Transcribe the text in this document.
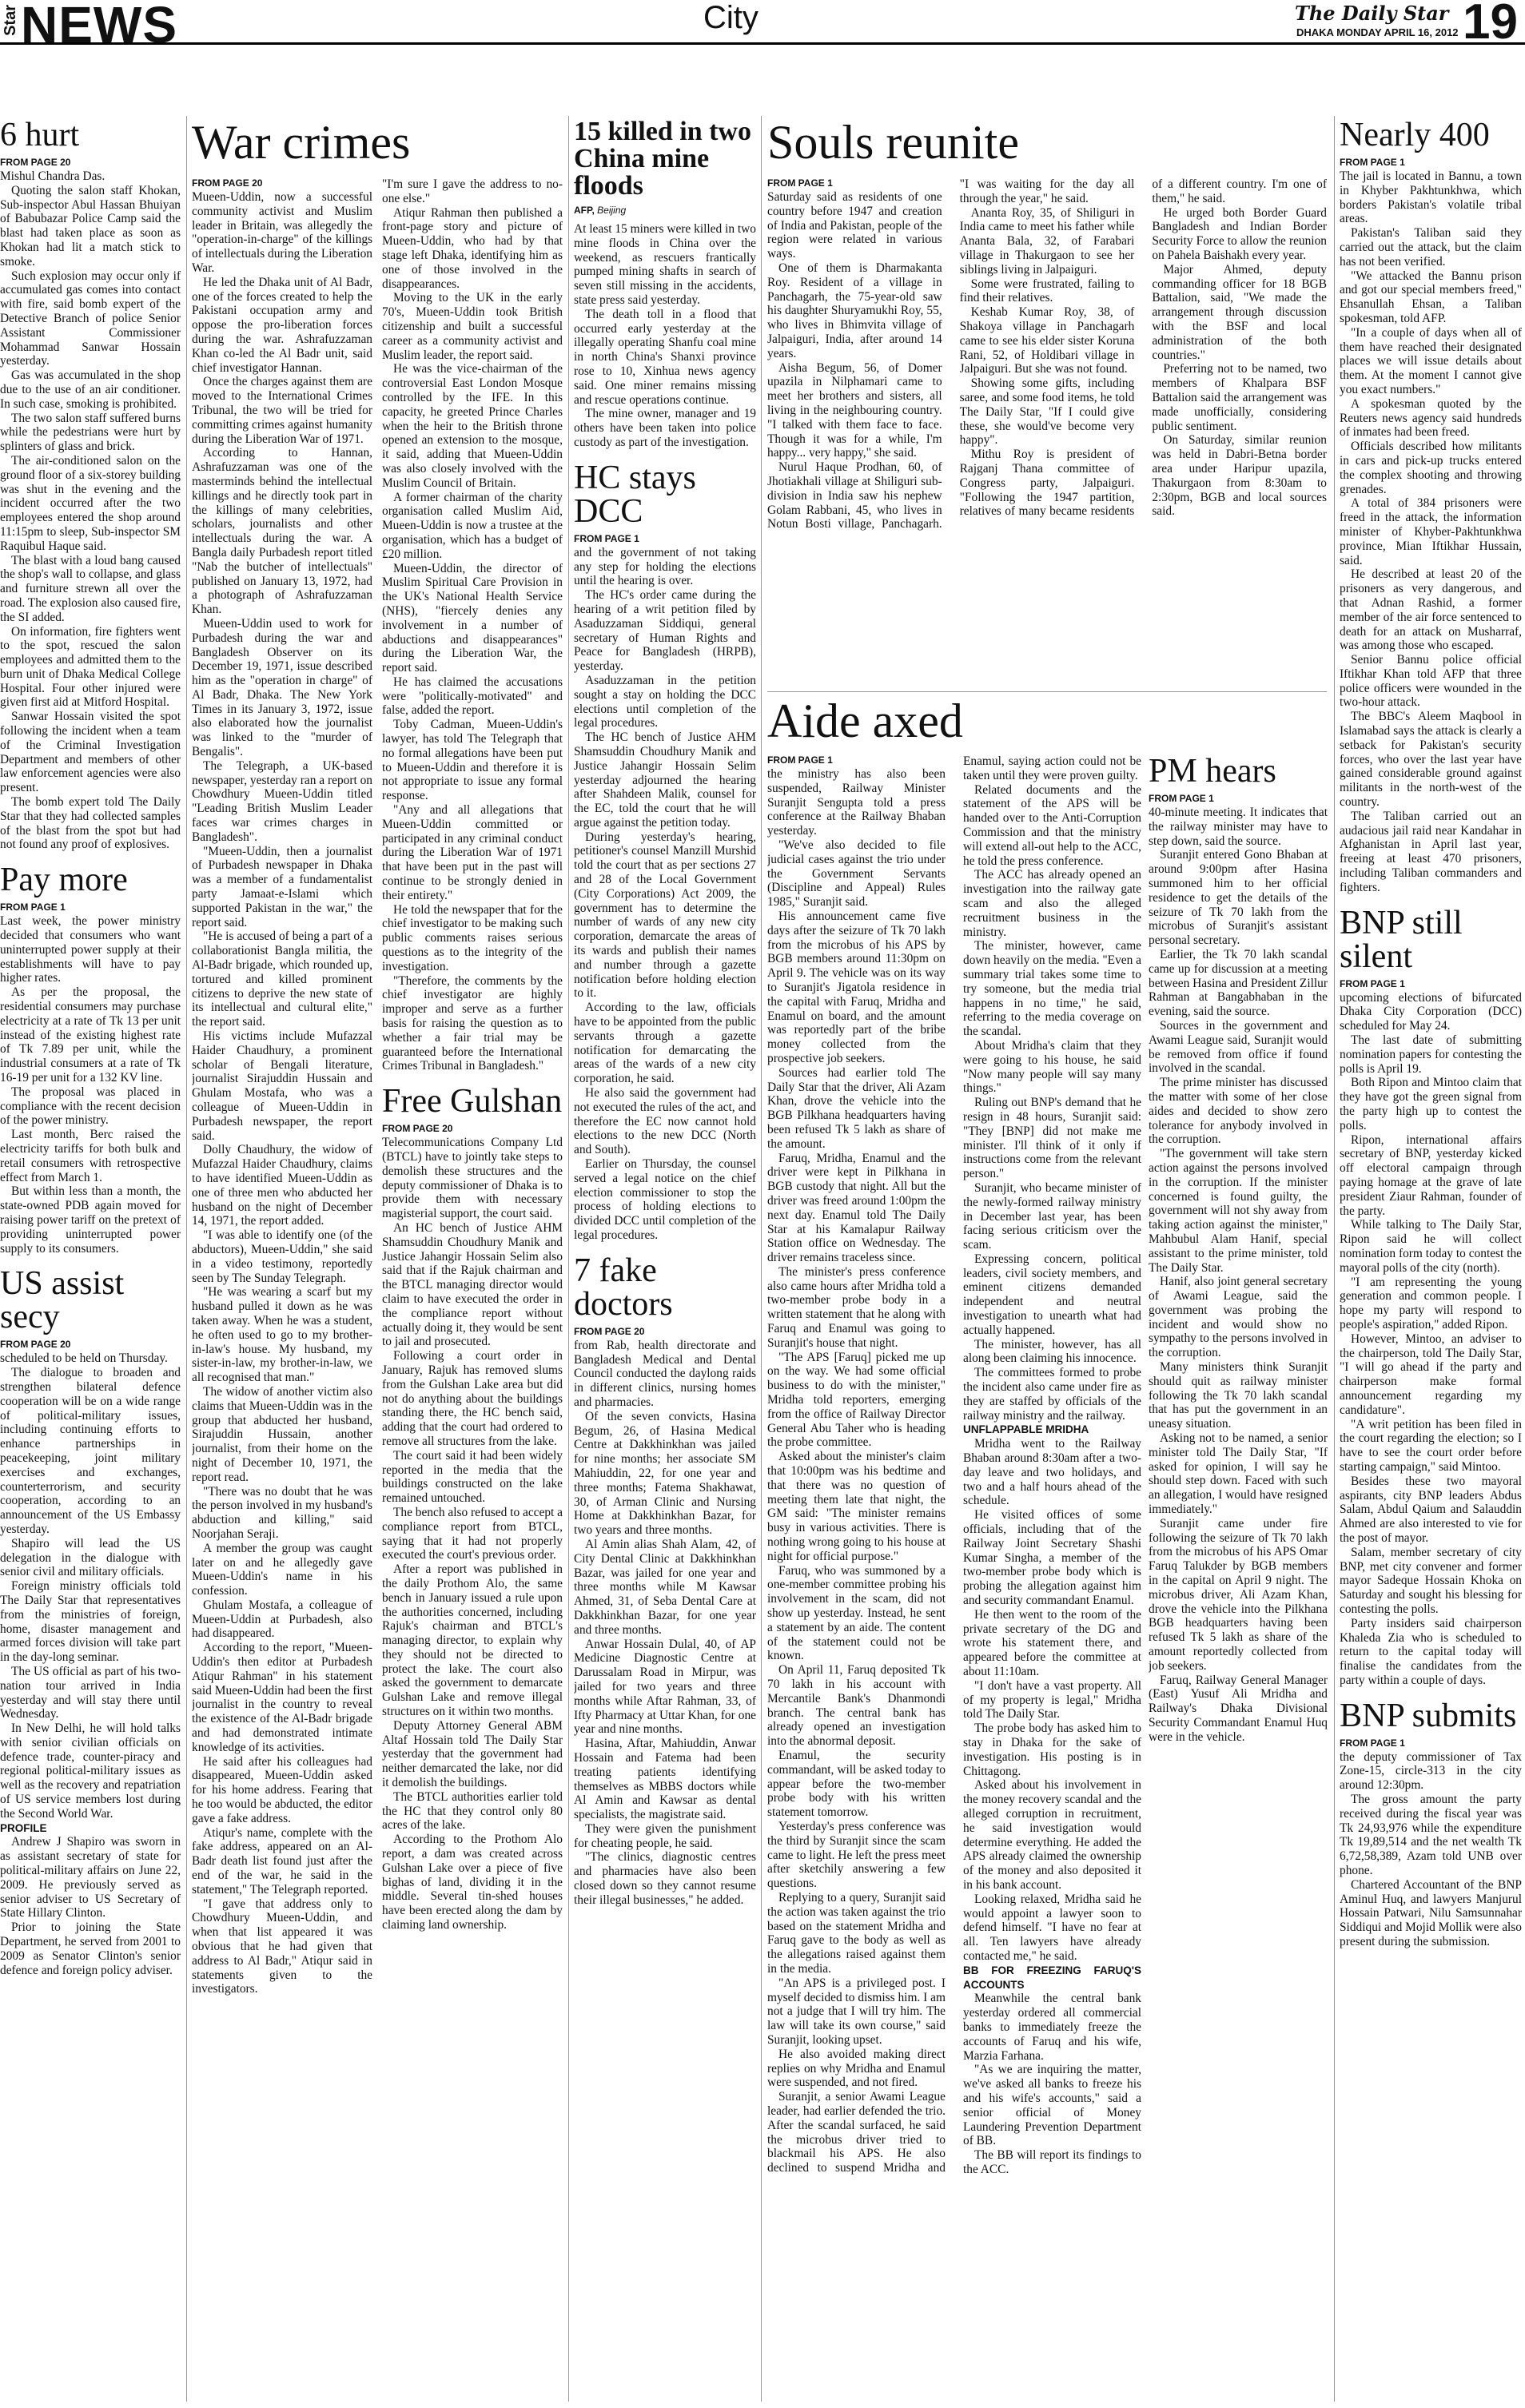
Star NEWS	City	The Daily Star
DHAKA MONDAY APRIL 16, 2012 19
6 hurt
FROM PAGE 20

Mishul Chandra Das.

Quoting the salon staff Khokan, Sub-inspector Abul Hassan Bhuiyan of Babubazar Police Camp said the blast had taken place as soon as Khokan had lit a match stick to smoke.

Such explosion may occur only if accumulated gas comes into contact with fire, said bomb expert of the Detective Branch of police Senior Assistant Commissioner Mohammad Sanwar Hossain yesterday.

Gas was accumulated in the shop due to the use of an air conditioner. In such case, smoking is prohibited.

The two salon staff suffered burns while the pedestrians were hurt by splinters of glass and brick.

The air-conditioned salon on the ground floor of a six-storey building was shut in the evening and the incident occurred after the two employees entered the shop around 11:15pm to sleep, Sub-inspector SM Raquibul Haque said.

The blast with a loud bang caused the shop's wall to collapse, and glass and furniture strewn all over the road. The explosion also caused fire, the SI added.

On information, fire fighters went to the spot, rescued the salon employees and admitted them to the burn unit of Dhaka Medical College Hospital. Four other injured were given first aid at Mitford Hospital.

Sanwar Hossain visited the spot following the incident when a team of the Criminal Investigation Department and members of other law enforcement agencies were also present.

The bomb expert told The Daily Star that they had collected samples of the blast from the spot but had not found any proof of explosives.

Pay more
FROM PAGE 1

Last week, the power ministry decided that consumers who want uninterrupted power supply at their establishments will have to pay higher rates.

As per the proposal, the residential consumers may purchase electricity at a rate of Tk 13 per unit instead of the existing highest rate of Tk 7.89 per unit, while the industrial consumers at a rate of Tk 16-19 per unit for a 132 KV line.

The proposal was placed in compliance with the recent decision of the power ministry.

Last month, Berc raised the electricity tariffs for both bulk and retail consumers with retrospective effect from March 1.

But within less than a month, the state-owned PDB again moved for raising power tariff on the pretext of providing uninterrupted power supply to its consumers.

US assist secy
FROM PAGE 20

scheduled to be held on Thursday.

The dialogue to broaden and strengthen bilateral defence cooperation will be on a wide range of political-military issues, including continuing efforts to enhance partnerships in peacekeeping, joint military exercises and exchanges, counterterrorism, and security cooperation, according to an announcement of the US Embassy yesterday.

Shapiro will lead the US delegation in the dialogue with senior civil and military officials.

Foreign ministry officials told The Daily Star that representatives from the ministries of foreign, home, disaster management and armed forces division will take part in the day-long seminar.

The US official as part of his two-nation tour arrived in India yesterday and will stay there until Wednesday.

In New Delhi, he will hold talks with senior civilian officials on defence trade, counter-piracy and regional political-military issues as well as the recovery and repatriation of US service members lost during the Second World War.

PROFILE

Andrew J Shapiro was sworn in as assistant secretary of state for political-military affairs on June 22, 2009. He previously served as senior adviser to US Secretary of State Hillary Clinton.

Prior to joining the State Department, he served from 2001 to 2009 as Senator Clinton's senior defence and foreign policy adviser.

War crimes
FROM PAGE 20

Mueen-Uddin, now a successful community activist and Muslim leader in Britain, was allegedly the "operation-in-charge" of the killings of intellectuals during the Liberation War.

He led the Dhaka unit of Al Badr, one of the forces created to help the Pakistani occupation army and oppose the pro-liberation forces during the war. Ashrafuzzaman Khan co-led the Al Badr unit, said chief investigator Hannan.

Once the charges against them are moved to the International Crimes Tribunal, the two will be tried for committing crimes against humanity during the Liberation War of 1971.

According to Hannan, Ashrafuzzaman was one of the masterminds behind the intellectual killings and he directly took part in the killings of many celebrities, scholars, journalists and other intellectuals during the war. A Bangla daily Purbadesh report titled "Nab the butcher of intellectuals" published on January 13, 1972, had a photograph of Ashrafuzzaman Khan.

Mueen-Uddin used to work for Purbadesh during the war and Bangladesh Observer on its December 19, 1971, issue described him as the "operation in charge" of Al Badr, Dhaka. The New York Times in its January 3, 1972, issue also elaborated how the journalist was linked to the "murder of Bengalis".

The Telegraph, a UK-based newspaper, yesterday ran a report on Chowdhury Mueen-Uddin titled "Leading British Muslim Leader faces war crimes charges in Bangladesh".

"Mueen-Uddin, then a journalist of Purbadesh newspaper in Dhaka was a member of a fundamentalist party Jamaat-e-Islami which supported Pakistan in the war," the report said.

"He is accused of being a part of a collaborationist Bangla militia, the Al-Badr brigade, which rounded up, tortured and killed prominent citizens to deprive the new state of its intellectual and cultural elite," the report said.

His victims include Mufazzal Haider Chaudhury, a prominent scholar of Bengali literature, journalist Sirajuddin Hussain and Ghulam Mostafa, who was a colleague of Mueen-Uddin in Purbadesh newspaper, the report said.

Dolly Chaudhury, the widow of Mufazzal Haider Chaudhury, claims to have identified Mueen-Uddin as one of three men who abducted her husband on the night of December 14, 1971, the report added.

"I was able to identify one (of the abductors), Mueen-Uddin," she said in a video testimony, reportedly seen by The Sunday Telegraph.

"He was wearing a scarf but my husband pulled it down as he was taken away. When he was a student, he often used to go to my brother-in-law's house. My husband, my sister-in-law, my brother-in-law, we all recognised that man."

The widow of another victim also claims that Mueen-Uddin was in the group that abducted her husband, Sirajuddin Hussain, another journalist, from their home on the night of December 10, 1971, the report read.

"There was no doubt that he was the person involved in my husband's abduction and killing," said Noorjahan Seraji.

A member the group was caught later on and he allegedly gave Mueen-Uddin's name in his confession.

Ghulam Mostafa, a colleague of Mueen-Uddin at Purbadesh, also had disappeared.

According to the report, "Mueen-Uddin's then editor at Purbadesh Atiqur Rahman" in his statement said Mueen-Uddin had been the first journalist in the country to reveal the existence of the Al-Badr brigade and had demonstrated intimate knowledge of its activities.

He said after his colleagues had disappeared, Mueen-Uddin asked for his home address. Fearing that he too would be abducted, the editor gave a fake address.

Atiqur's name, complete with the fake address, appeared on an Al-Badr death list found just after the end of the war, he said in the statement," The Telegraph reported.

"I gave that address only to Chowdhury Mueen-Uddin, and when that list appeared it was obvious that he had given that address to Al Badr," Atiqur said in statements given to the investigators.

"I'm sure I gave the address to no-one else."

Atiqur Rahman then published a front-page story and picture of Mueen-Uddin, who had by that stage left Dhaka, identifying him as one of those involved in the disappearances.

Moving to the UK in the early 70's, Mueen-Uddin took British citizenship and built a successful career as a community activist and Muslim leader, the report said.

He was the vice-chairman of the controversial East London Mosque controlled by the IFE. In this capacity, he greeted Prince Charles when the heir to the British throne opened an extension to the mosque, it said, adding that Mueen-Uddin was also closely involved with the Muslim Council of Britain.

A former chairman of the charity organisation called Muslim Aid, Mueen-Uddin is now a trustee at the organisation, which has a budget of £20 million.

Mueen-Uddin, the director of Muslim Spiritual Care Provision in the UK's National Health Service (NHS), "fiercely denies any involvement in a number of abductions and disappearances" during the Liberation War, the report said.

He has claimed the accusations were "politically-motivated" and false, added the report.

Toby Cadman, Mueen-Uddin's lawyer, has told The Telegraph that no formal allegations have been put to Mueen-Uddin and therefore it is not appropriate to issue any formal response.

"Any and all allegations that Mueen-Uddin committed or participated in any criminal conduct during the Liberation War of 1971 that have been put in the past will continue to be strongly denied in their entirety."

He told the newspaper that for the chief investigator to be making such public comments raises serious questions as to the integrity of the investigation.

"Therefore, the comments by the chief investigator are highly improper and serve as a further basis for raising the question as to whether a fair trial may be guaranteed before the International Crimes Tribunal in Bangladesh."

Free Gulshan
FROM PAGE 20

Telecommunications Company Ltd (BTCL) have to jointly take steps to demolish these structures and the deputy commissioner of Dhaka is to provide them with necessary magisterial support, the court said.

An HC bench of Justice AHM Shamsuddin Choudhury Manik and Justice Jahangir Hossain Selim also said that if the Rajuk chairman and the BTCL managing director would claim to have executed the order in the compliance report without actually doing it, they would be sent to jail and prosecuted.

Following a court order in January, Rajuk has removed slums from the Gulshan Lake area but did not do anything about the buildings standing there, the HC bench said, adding that the court had ordered to remove all structures from the lake.

The court said it had been widely reported in the media that the buildings constructed on the lake remained untouched.

The bench also refused to accept a compliance report from BTCL, saying that it had not properly executed the court's previous order.

After a report was published in the daily Prothom Alo, the same bench in January issued a rule upon the authorities concerned, including Rajuk's chairman and BTCL's managing director, to explain why they should not be directed to protect the lake. The court also asked the government to demarcate Gulshan Lake and remove illegal structures on it within two months.

Deputy Attorney General ABM Altaf Hossain told The Daily Star yesterday that the government had neither demarcated the lake, nor did it demolish the buildings.

The BTCL authorities earlier told the HC that they control only 80 acres of the lake.

According to the Prothom Alo report, a dam was created across Gulshan Lake over a piece of five bighas of land, dividing it in the middle. Several tin-shed houses have been erected along the dam by claiming land ownership.

15 killed in two China mine floods
AFP, Beijing

At least 15 miners were killed in two mine floods in China over the weekend, as rescuers frantically pumped mining shafts in search of seven still missing in the accidents, state press said yesterday.

The death toll in a flood that occurred early yesterday at the illegally operating Shanfu coal mine in north China's Shanxi province rose to 10, Xinhua news agency said. One miner remains missing and rescue operations continue.

The mine owner, manager and 19 others have been taken into police custody as part of the investigation.

HC stays DCC
FROM PAGE 1

and the government of not taking any step for holding the elections until the hearing is over.

The HC's order came during the hearing of a writ petition filed by Asaduzzaman Siddiqui, general secretary of Human Rights and Peace for Bangladesh (HRPB), yesterday.

Asaduzzaman in the petition sought a stay on holding the DCC elections until completion of the legal procedures.

The HC bench of Justice AHM Shamsuddin Choudhury Manik and Justice Jahangir Hossain Selim yesterday adjourned the hearing after Shahdeen Malik, counsel for the EC, told the court that he will argue against the petition today.

During yesterday's hearing, petitioner's counsel Manzill Murshid told the court that as per sections 27 and 28 of the Local Government (City Corporations) Act 2009, the government has to determine the number of wards of any new city corporation, demarcate the areas of its wards and publish their names and number through a gazette notification before holding election to it.

According to the law, officials have to be appointed from the public servants through a gazette notification for demarcating the areas of the wards of a new city corporation, he said.

He also said the government had not executed the rules of the act, and therefore the EC now cannot hold elections to the new DCC (North and South).

Earlier on Thursday, the counsel served a legal notice on the chief election commissioner to stop the process of holding elections to divided DCC until completion of the legal procedures.

7 fake doctors
FROM PAGE 20

from Rab, health directorate and Bangladesh Medical and Dental Council conducted the daylong raids in different clinics, nursing homes and pharmacies.

Of the seven convicts, Hasina Begum, 26, of Hasina Medical Centre at Dakkhinkhan was jailed for nine months; her associate SM Mahiuddin, 22, for one year and three months; Fatema Shakhawat, 30, of Arman Clinic and Nursing Home at Dakkhinkhan Bazar, for two years and three months.

Al Amin alias Shah Alam, 42, of City Dental Clinic at Dakkhinkhan Bazar, was jailed for one year and three months while M Kawsar Ahmed, 31, of Seba Dental Care at Dakkhinkhan Bazar, for one year and three months.

Anwar Hossain Dulal, 40, of AP Medicine Diagnostic Centre at Darussalam Road in Mirpur, was jailed for two years and three months while Aftar Rahman, 33, of Ifty Pharmacy at Uttar Khan, for one year and nine months.

Hasina, Aftar, Mahiuddin, Anwar Hossain and Fatema had been treating patients identifying themselves as MBBS doctors while Al Amin and Kawsar as dental specialists, the magistrate said.

They were given the punishment for cheating people, he said.

"The clinics, diagnostic centres and pharmacies have also been closed down so they cannot resume their illegal businesses," he added.

Souls reunite
FROM PAGE 1

Saturday said as residents of one country before 1947 and creation of India and Pakistan, people of the region were related in various ways.

One of them is Dharmakanta Roy. Resident of a village in Panchagarh, the 75-year-old saw his daughter Shuryamukhi Roy, 55, who lives in Bhimvita village of Jalpaiguri, India, after around 14 years.

Aisha Begum, 56, of Domer upazila in Nilphamari came to meet her brothers and sisters, all living in the neighbouring country. "I talked with them face to face. Though it was for a while, I'm happy... very happy," she said.

Nurul Haque Prodhan, 60, of Jhotiakhali village at Shiliguri sub-division in India saw his nephew Golam Rabbani, 45, who lives in Notun Bosti village, Panchagarh. "I was waiting for the day all through the year," he said.

Ananta Roy, 35, of Shiliguri in India came to meet his father while Ananta Bala, 32, of Farabari village in Thakurgaon to see her siblings living in Jalpaiguri.

Some were frustrated, failing to find their relatives.

Keshab Kumar Roy, 38, of Shakoya village in Panchagarh came to see his elder sister Koruna Rani, 52, of Holdibari village in Jalpaiguri. But she was not found.

Showing some gifts, including saree, and some food items, he told The Daily Star, "If I could give these, she would've become very happy".

Mithu Roy is president of Rajganj Thana committee of Congress party, Jalpaiguri. "Following the 1947 partition, relatives of many became residents of a different country. I'm one of them," he said.

He urged both Border Guard Bangladesh and Indian Border Security Force to allow the reunion on Pahela Baishakh every year.

Major Ahmed, deputy commanding officer for 18 BGB Battalion, said, "We made the arrangement through discussion with the BSF and local administration of the both countries."

Preferring not to be named, two members of Khalpara BSF Battalion said the arrangement was made unofficially, considering public sentiment.

On Saturday, similar reunion was held in Dabri-Betna border area under Haripur upazila, Thakurgaon from 8:30am to 2:30pm, BGB and local sources said.

Aide axed
FROM PAGE 1

the ministry has also been suspended, Railway Minister Suranjit Sengupta told a press conference at the Railway Bhaban yesterday.

"We've also decided to file judicial cases against the trio under the Government Servants (Discipline and Appeal) Rules 1985," Suranjit said.

His announcement came five days after the seizure of Tk 70 lakh from the microbus of his APS by BGB members around 11:30pm on April 9. The vehicle was on its way to Suranjit's Jigatola residence in the capital with Faruq, Mridha and Enamul on board, and the amount was reportedly part of the bribe money collected from the prospective job seekers.

Sources had earlier told The Daily Star that the driver, Ali Azam Khan, drove the vehicle into the BGB Pilkhana headquarters having been refused Tk 5 lakh as share of the amount.

Faruq, Mridha, Enamul and the driver were kept in Pilkhana in BGB custody that night. All but the driver was freed around 1:00pm the next day. Enamul told The Daily Star at his Kamalapur Railway Station office on Wednesday. The driver remains traceless since.

The minister's press conference also came hours after Mridha told a two-member probe body in a written statement that he along with Faruq and Enamul was going to Suranjit's house that night.

"The APS [Faruq] picked me up on the way. We had some official business to do with the minister," Mridha told reporters, emerging from the office of Railway Director General Abu Taher who is heading the probe committee.

Asked about the minister's claim that 10:00pm was his bedtime and that there was no question of meeting them late that night, the GM said: "The minister remains busy in various activities. There is nothing wrong going to his house at night for official purpose."

Faruq, who was summoned by a one-member committee probing his involvement in the scam, did not show up yesterday. Instead, he sent a statement by an aide. The content of the statement could not be known.

On April 11, Faruq deposited Tk 70 lakh in his account with Mercantile Bank's Dhanmondi branch. The central bank has already opened an investigation into the abnormal deposit.

Enamul, the security commandant, will be asked today to appear before the two-member probe body with his written statement tomorrow.

Yesterday's press conference was the third by Suranjit since the scam came to light. He left the press meet after sketchily answering a few questions.

Replying to a query, Suranjit said the action was taken against the trio based on the statement Mridha and Faruq gave to the body as well as the allegations raised against them in the media.

"An APS is a privileged post. I myself decided to dismiss him. I am not a judge that I will try him. The law will take its own course," said Suranjit, looking upset.

He also avoided making direct replies on why Mridha and Enamul were suspended, and not fired.

Suranjit, a senior Awami League leader, had earlier defended the trio. After the scandal surfaced, he said the microbus driver tried to blackmail his APS. He also declined to suspend Mridha and Enamul, saying action could not be taken until they were proven guilty.

Related documents and the statement of the APS will be handed over to the Anti-Corruption Commission and that the ministry will extend all-out help to the ACC, he told the press conference.

The ACC has already opened an investigation into the railway gate scam and also the alleged recruitment business in the ministry.

The minister, however, came down heavily on the media. "Even a summary trial takes some time to try someone, but the media trial happens in no time," he said, referring to the media coverage on the scandal.

About Mridha's claim that they were going to his house, he said "Now many people will say many things."

Ruling out BNP's demand that he resign in 48 hours, Suranjit said: "They [BNP] did not make me minister. I'll think of it only if instructions come from the relevant person."

Suranjit, who became minister of the newly-formed railway ministry in December last year, has been facing serious criticism over the scam.

Expressing concern, political leaders, civil society members, and eminent citizens demanded independent and neutral investigation to unearth what had actually happened.

The minister, however, has all along been claiming his innocence.

The committees formed to probe the incident also came under fire as they are staffed by officials of the railway ministry and the railway.

UNFLAPPABLE MRIDHA

Mridha went to the Railway Bhaban around 8:30am after a two-day leave and two holidays, and two and a half hours ahead of the schedule.

He visited offices of some officials, including that of the Railway Joint Secretary Shashi Kumar Singha, a member of the two-member probe body which is probing the allegation against him and security commandant Enamul.

He then went to the room of the private secretary of the DG and wrote his statement there, and appeared before the committee at about 11:10am.

"I don't have a vast property. All of my property is legal," Mridha told The Daily Star.

The probe body has asked him to stay in Dhaka for the sake of investigation. His posting is in Chittagong.

Asked about his involvement in the money recovery scandal and the alleged corruption in recruitment, he said investigation would determine everything. He added the APS already claimed the ownership of the money and also deposited it in his bank account.

Looking relaxed, Mridha said he would appoint a lawyer soon to defend himself. "I have no fear at all. Ten lawyers have already contacted me," he said.

BB FOR FREEZING FARUQ'S ACCOUNTS

Meanwhile the central bank yesterday ordered all commercial banks to immediately freeze the accounts of Faruq and his wife, Marzia Farhana.

"As we are inquiring the matter, we've asked all banks to freeze his and his wife's accounts," said a senior official of Money Laundering Prevention Department of BB.

The BB will report its findings to the ACC.

PM hears
FROM PAGE 1

40-minute meeting. It indicates that the railway minister may have to step down, said the source.

Suranjit entered Gono Bhaban at around 9:00pm after Hasina summoned him to her official residence to get the details of the seizure of Tk 70 lakh from the microbus of Suranjit's assistant personal secretary.

Earlier, the Tk 70 lakh scandal came up for discussion at a meeting between Hasina and President Zillur Rahman at Bangabhaban in the evening, said the source.

Sources in the government and Awami League said, Suranjit would be removed from office if found involved in the scandal.

The prime minister has discussed the matter with some of her close aides and decided to show zero tolerance for anybody involved in the corruption.

"The government will take stern action against the persons involved in the corruption. If the minister concerned is found guilty, the government will not shy away from taking action against the minister," Mahbubul Alam Hanif, special assistant to the prime minister, told The Daily Star.

Hanif, also joint general secretary of Awami League, said the government was probing the incident and would show no sympathy to the persons involved in the corruption.

Many ministers think Suranjit should quit as railway minister following the Tk 70 lakh scandal that has put the government in an uneasy situation.

Asking not to be named, a senior minister told The Daily Star, "If asked for opinion, I will say he should step down. Faced with such an allegation, I would have resigned immediately."

Suranjit came under fire following the seizure of Tk 70 lakh from the microbus of his APS Omar Faruq Talukder by BGB members in the capital on April 9 night. The microbus driver, Ali Azam Khan, drove the vehicle into the Pilkhana BGB headquarters having been refused Tk 5 lakh as share of the amount reportedly collected from job seekers.

Faruq, Railway General Manager (East) Yusuf Ali Mridha and Railway's Dhaka Divisional Security Commandant Enamul Huq were in the vehicle.

Nearly 400
FROM PAGE 1

The jail is located in Bannu, a town in Khyber Pakhtunkhwa, which borders Pakistan's volatile tribal areas.

Pakistan's Taliban said they carried out the attack, but the claim has not been verified.

"We attacked the Bannu prison and got our special members freed," Ehsanullah Ehsan, a Taliban spokesman, told AFP.

"In a couple of days when all of them have reached their designated places we will issue details about them. At the moment I cannot give you exact numbers."

A spokesman quoted by the Reuters news agency said hundreds of inmates had been freed.

Officials described how militants in cars and pick-up trucks entered the complex shooting and throwing grenades.

A total of 384 prisoners were freed in the attack, the information minister of Khyber-Pakhtunkhwa province, Mian Iftikhar Hussain, said.

He described at least 20 of the prisoners as very dangerous, and that Adnan Rashid, a former member of the air force sentenced to death for an attack on Musharraf, was among those who escaped.

Senior Bannu police official Iftikhar Khan told AFP that three police officers were wounded in the two-hour attack.

The BBC's Aleem Maqbool in Islamabad says the attack is clearly a setback for Pakistan's security forces, who over the last year have gained considerable ground against militants in the north-west of the country.

The Taliban carried out an audacious jail raid near Kandahar in Afghanistan in April last year, freeing at least 470 prisoners, including Taliban commanders and fighters.

BNP still silent
FROM PAGE 1

upcoming elections of bifurcated Dhaka City Corporation (DCC) scheduled for May 24.

The last date of submitting nomination papers for contesting the polls is April 19.

Both Ripon and Mintoo claim that they have got the green signal from the party high up to contest the polls.

Ripon, international affairs secretary of BNP, yesterday kicked off electoral campaign through paying homage at the grave of late president Ziaur Rahman, founder of the party.

While talking to The Daily Star, Ripon said he will collect nomination form today to contest the mayoral polls of the city (north).

"I am representing the young generation and common people. I hope my party will respond to people's aspiration," added Ripon.

However, Mintoo, an adviser to the chairperson, told The Daily Star, "I will go ahead if the party and chairperson make formal announcement regarding my candidature".

"A writ petition has been filed in the court regarding the election; so I have to see the court order before starting campaign," said Mintoo.

Besides these two mayoral aspirants, city BNP leaders Abdus Salam, Abdul Qaium and Salauddin Ahmed are also interested to vie for the post of mayor.

Salam, member secretary of city BNP, met city convener and former mayor Sadeque Hossain Khoka on Saturday and sought his blessing for contesting the polls.

Party insiders said chairperson Khaleda Zia who is scheduled to return to the capital today will finalise the candidates from the party within a couple of days.

BNP submits
FROM PAGE 1

the deputy commissioner of Tax Zone-15, circle-313 in the city around 12:30pm.

The gross amount the party received during the fiscal year was Tk 24,93,976 while the expenditure Tk 19,89,514 and the net wealth Tk 6,72,58,389, Azam told UNB over phone.

Chartered Accountant of the BNP Aminul Huq, and lawyers Manjurul Hossain Patwari, Nilu Samsunnahar Siddiqui and Mojid Mollik were also present during the submission.
